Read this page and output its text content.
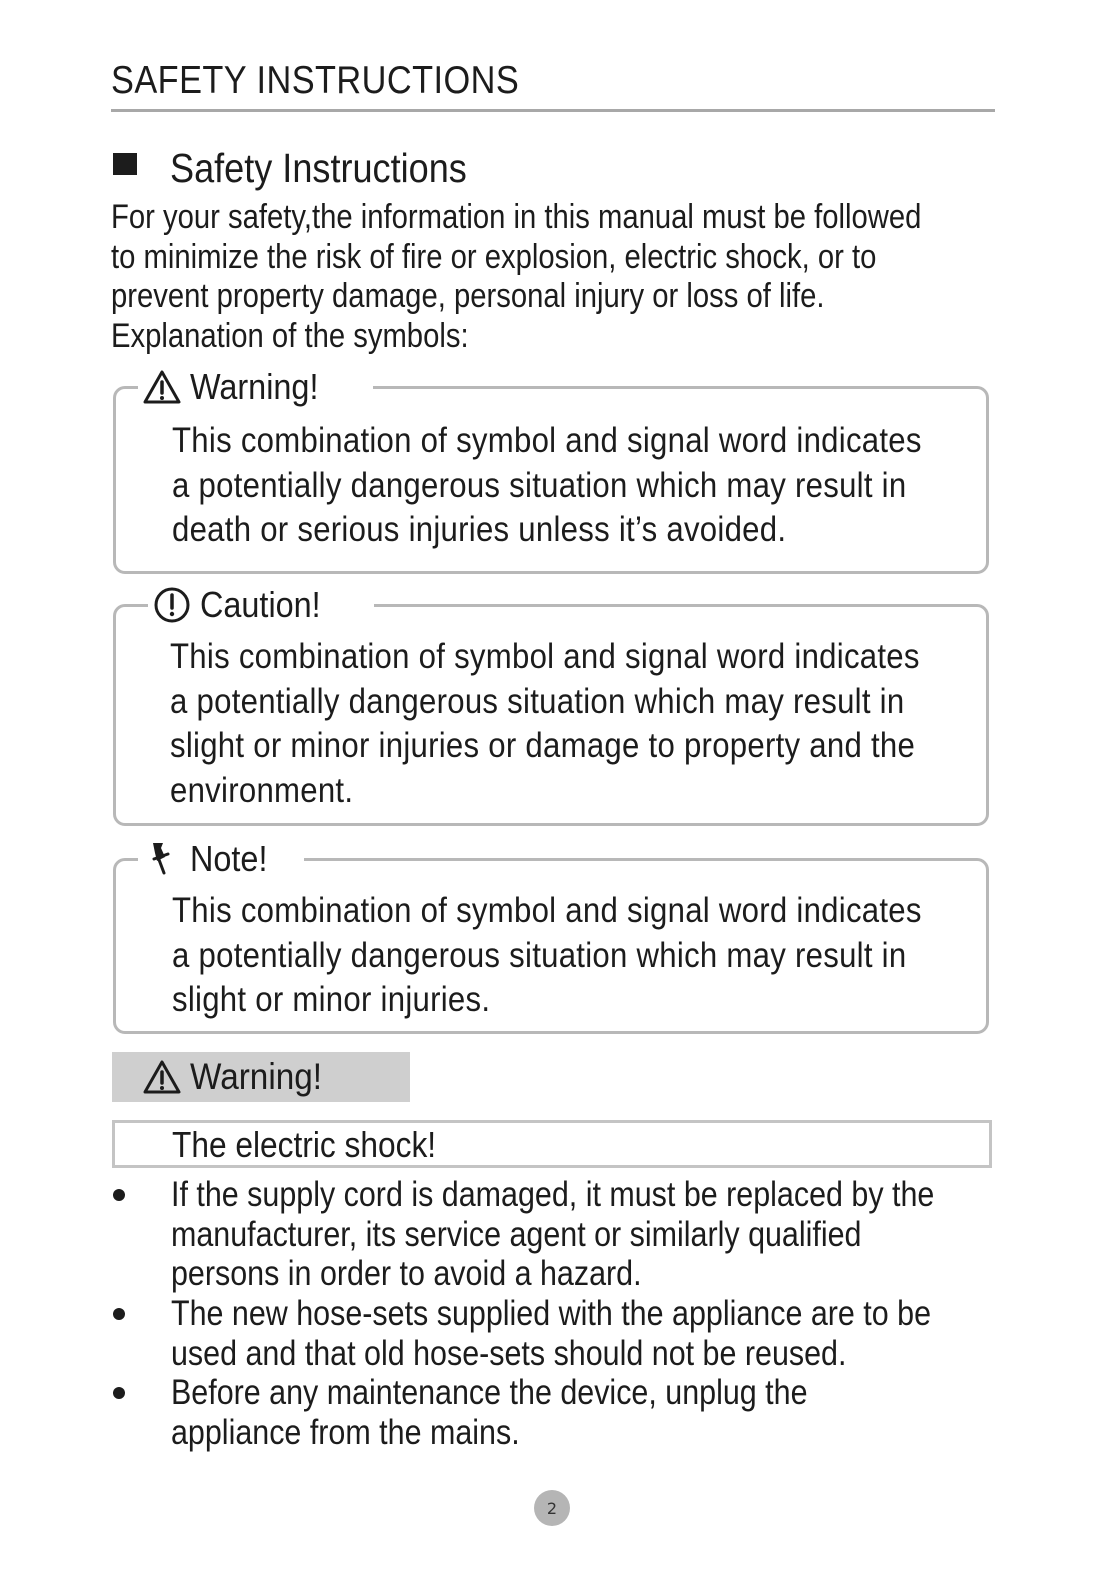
SAFETY INSTRUCTIONS
Safety Instructions
For your safety,the information in this manual must be followed
to minimize the risk of fire or explosion, electric shock, or to
prevent property damage, personal injury or loss of life.
Explanation of the symbols:
Warning!
This combination of symbol and signal word indicates
a potentially dangerous situation which may result in
death or serious injuries unless it’s avoided.
Caution!
This combination of symbol and signal word indicates
a potentially dangerous situation which may result in
slight or minor injuries or damage to property and the
environment.
Note!
This combination of symbol and signal word indicates
a potentially dangerous situation which may result in
slight or minor injuries.
Warning!
The electric shock!
If the supply cord is damaged, it must be replaced by the
manufacturer, its service agent or similarly qualified
persons in order to avoid a hazard.
The new hose-sets supplied with the appliance are to be
used and that old hose-sets should not be reused.
Before any maintenance the device, unplug the
appliance from the mains.
2
